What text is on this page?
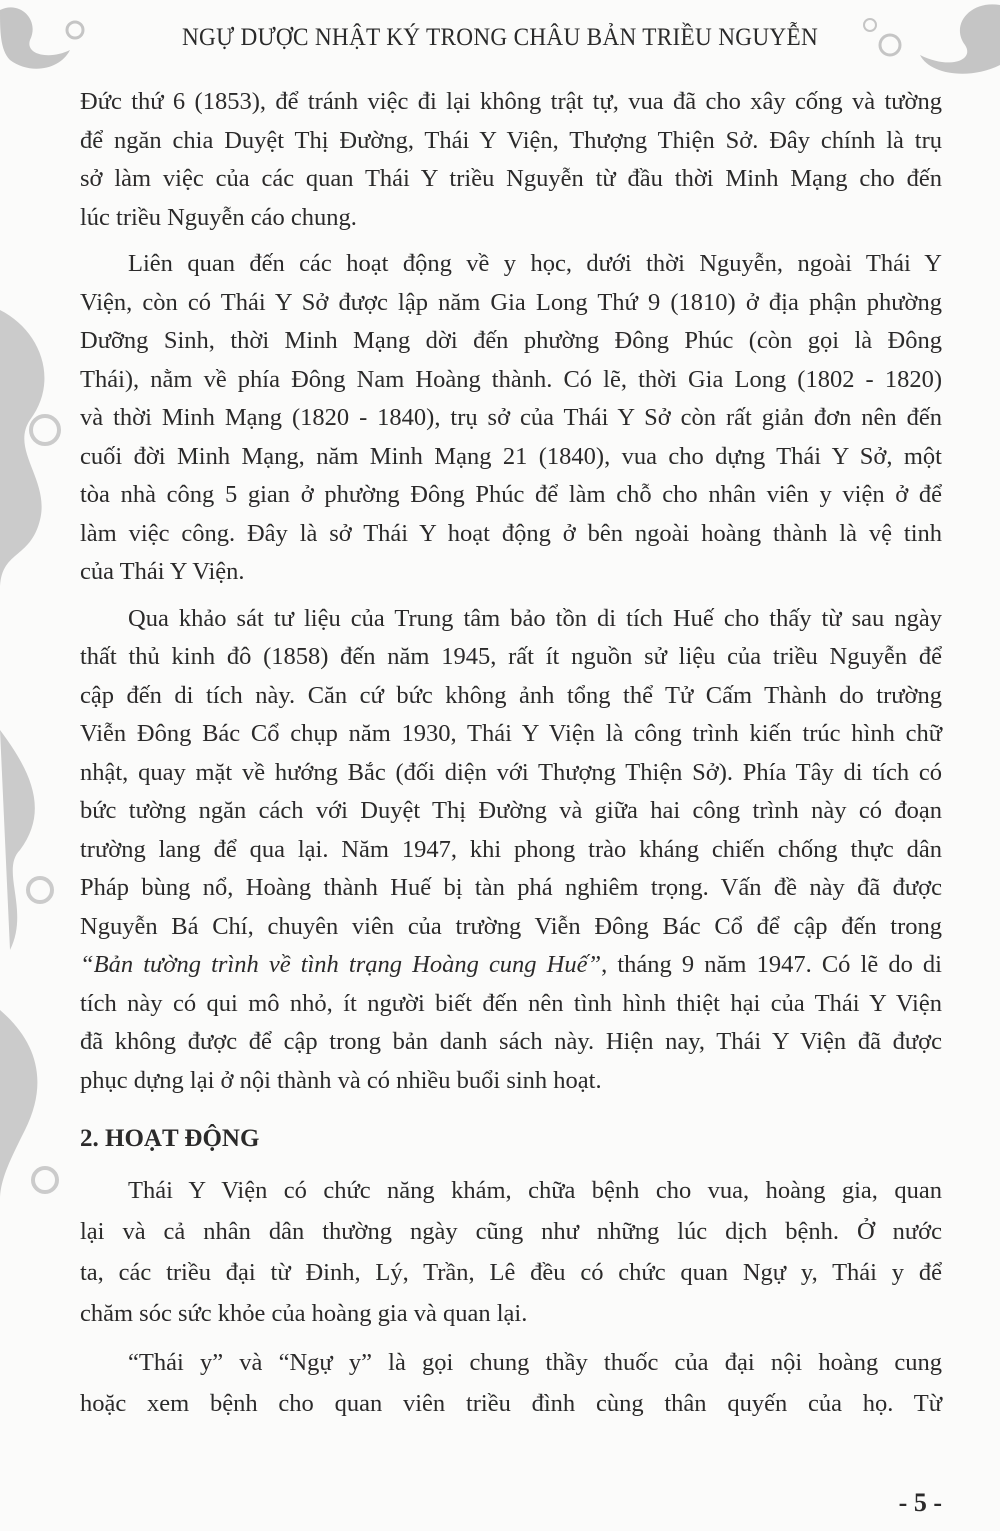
NGỰ DƯỢC NHẬT KÝ TRONG CHÂU BẢN TRIỀU NGUYỄN
Đức thứ 6 (1853), để tránh việc đi lại không trật tự, vua đã cho xây cống và tường
để ngăn chia Duyệt Thị Đường, Thái Y Viện, Thượng Thiện Sở. Đây chính là trụ
sở làm việc của các quan Thái Y triều Nguyễn từ đầu thời Minh Mạng cho đến
lúc triều Nguyễn cáo chung.
Liên quan đến các hoạt động về y học, dưới thời Nguyễn, ngoài Thái Y
Viện, còn có Thái Y Sở được lập năm Gia Long Thứ 9 (1810) ở địa phận phường
Dưỡng Sinh, thời Minh Mạng dời đến phường Đông Phúc (còn gọi là Đông
Thái), nằm về phía Đông Nam Hoàng thành. Có lẽ, thời Gia Long (1802 - 1820)
và thời Minh Mạng (1820 - 1840), trụ sở của Thái Y Sở còn rất giản đơn nên đến
cuối đời Minh Mạng, năm Minh Mạng 21 (1840), vua cho dựng Thái Y Sở, một
tòa nhà công 5 gian ở phường Đông Phúc để làm chỗ cho nhân viên y viện ở để
làm việc công. Đây là sở Thái Y hoạt động ở bên ngoài hoàng thành là vệ tinh
của Thái Y Viện.
Qua khảo sát tư liệu của Trung tâm bảo tồn di tích Huế cho thấy từ sau ngày
thất thủ kinh đô (1858) đến năm 1945, rất ít nguồn sử liệu của triều Nguyễn để
cập đến di tích này. Căn cứ bức không ảnh tổng thể Tử Cấm Thành do trường
Viễn Đông Bác Cổ chụp năm 1930, Thái Y Viện là công trình kiến trúc hình chữ
nhật, quay mặt về hướng Bắc (đối diện với Thượng Thiện Sở). Phía Tây di tích có
bức tường ngăn cách với Duyệt Thị Đường và giữa hai công trình này có đoạn
trường lang để qua lại. Năm 1947, khi phong trào kháng chiến chống thực dân
Pháp bùng nổ, Hoàng thành Huế bị tàn phá nghiêm trọng. Vấn đề này đã được
Nguyễn Bá Chí, chuyên viên của trường Viễn Đông Bác Cổ để cập đến trong
“Bản tường trình về tình trạng Hoàng cung Huế”, tháng 9 năm 1947. Có lẽ do di
tích này có qui mô nhỏ, ít người biết đến nên tình hình thiệt hại của Thái Y Viện
đã không được để cập trong bản danh sách này. Hiện nay, Thái Y Viện đã được
phục dựng lại ở nội thành và có nhiều buổi sinh hoạt.
2. HOẠT ĐỘNG
Thái Y Viện có chức năng khám, chữa bệnh cho vua, hoàng gia, quan
lại và cả nhân dân thường ngày cũng như những lúc dịch bệnh. Ở nước
ta, các triều đại từ Đinh, Lý, Trần, Lê đều có chức quan Ngự y, Thái y để
chăm sóc sức khỏe của hoàng gia và quan lại.
“Thái y” và “Ngự y” là gọi chung thầy thuốc của đại nội hoàng cung
hoặc xem bệnh cho quan viên triều đình cùng thân quyến của họ. Từ
- 5 -
